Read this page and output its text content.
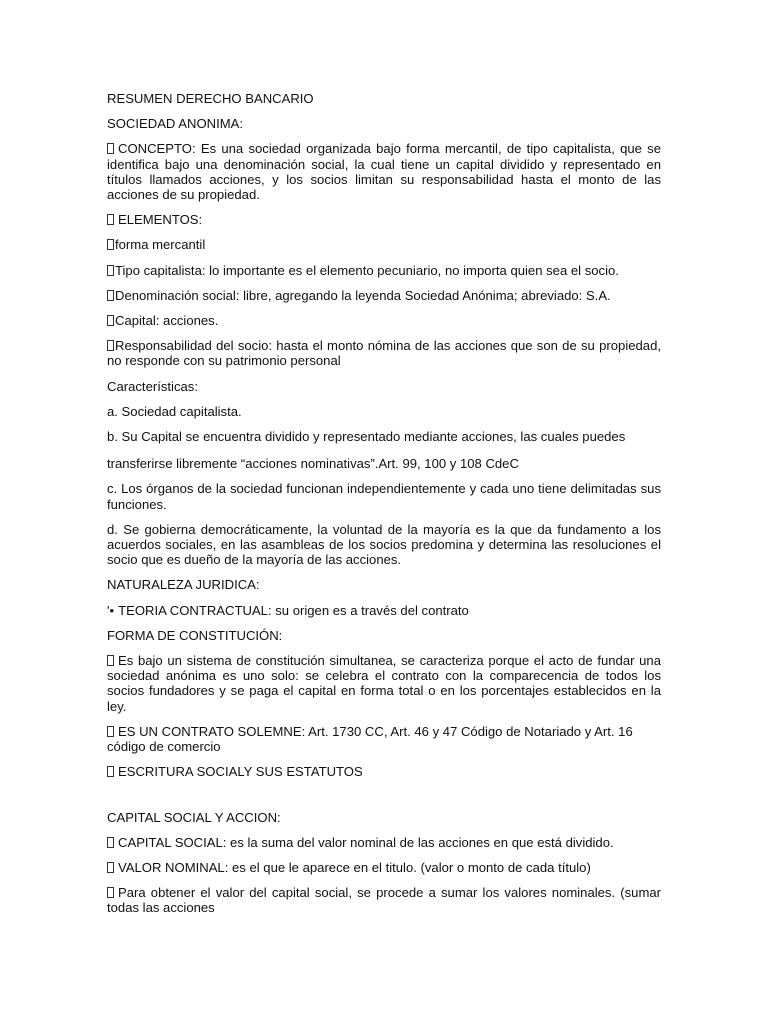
RESUMEN DERECHO BANCARIO

SOCIEDAD ANONIMA:

CONCEPTO: Es una sociedad organizada bajo forma mercantil, de tipo capitalista, que se identifica bajo una denominación social, la cual tiene un capital dividido y representado en títulos llamados acciones, y los socios limitan su responsabilidad hasta el monto de las acciones de su propiedad.

ELEMENTOS:

forma mercantil

Tipo capitalista: lo importante es el elemento pecuniario, no importa quien sea el socio.

Denominación social: libre, agregando la leyenda Sociedad Anónima; abreviado: S.A.

Capital: acciones.

Responsabilidad del socio: hasta el monto nómina de las acciones que son de su propiedad, no responde con su patrimonio personal

Características:

a. Sociedad capitalista.

b. Su Capital se encuentra dividido y representado mediante acciones, las cuales puedes

transferirse libremente “acciones nominativas”.Art. 99, 100 y 108 CdeC

c. Los órganos de la sociedad funcionan independientemente y cada uno tiene delimitadas sus funciones.

d. Se gobierna democráticamente, la voluntad de la mayoría es la que da fundamento a los acuerdos sociales, en las asambleas de los socios predomina y determina las resoluciones el socio que es dueño de la mayoría de las acciones.

NATURALEZA JURIDICA:

'• TEORIA CONTRACTUAL: su origen es a través del contrato

FORMA DE CONSTITUCIÓN:

Es bajo un sistema de constitución simultanea, se caracteriza porque el acto de fundar una sociedad anónima es uno solo: se celebra el contrato con la comparecencia de todos los socios fundadores y se paga el capital en forma total o en los porcentajes establecidos en la ley.

ES UN CONTRATO SOLEMNE: Art. 1730 CC, Art. 46 y 47 Código de Notariado y Art. 16 código de comercio

ESCRITURA SOCIALY SUS ESTATUTOS

CAPITAL SOCIAL Y ACCION:

CAPITAL SOCIAL: es la suma del valor nominal de las acciones en que está dividido.

VALOR NOMINAL: es el que le aparece en el titulo. (valor o monto de cada título)

Para obtener el valor del capital social, se procede a sumar los valores nominales. (sumar todas las acciones
